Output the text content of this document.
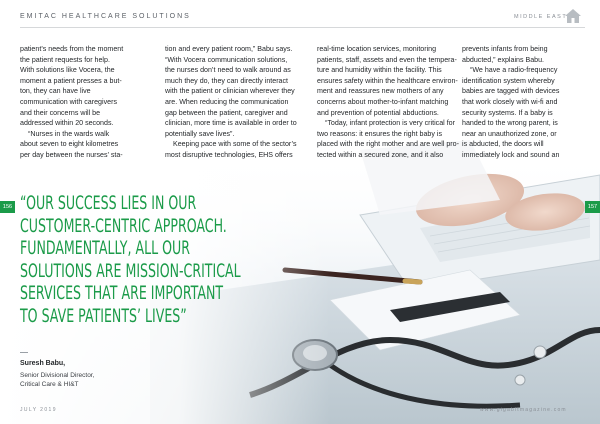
EMITAC HEALTHCARE SOLUTIONS	MIDDLE EAST

patient’s needs from the moment

the patient requests for help.

With solutions like Vocera, the

moment a patient presses a but-

ton, they can have live

communication with caregivers

and their concerns will be

addressed within 20 seconds.

“Nurses in the wards walk

about seven to eight kilometres

per day between the nurses’ sta-

tion and every patient room,” Babu says.

“With Vocera communication solutions,

the nurses don’t need to walk around as

much they do, they can directly interact

with the patient or clinician wherever they

are. When reducing the communication

gap between the patient, caregiver and

clinician, more time is available in order to

potentially save lives”.

Keeping pace with some of the sector’s

most disruptive technologies, EHS offers

real-time location services, monitoring

patients, staff, assets and even the tempera-

ture and humidity within the facility. This

ensures safety within the healthcare environ-

ment and reassures new mothers of any

concerns about mother-to-infant matching

and prevention of potential abductions.

“Today, infant protection is very critical for

two reasons: it ensures the right baby is

placed with the right mother and are well pro-

tected within a secured zone, and it also

prevents infants from being

abducted,” explains Babu.

“We have a radio-frequency

identification system whereby

babies are tagged with devices

that work closely with wi-fi and

security systems. If a baby is

handed to the wrong parent, is

near an unauthorized zone, or

is abducted, the doors will

immediately lock and sound an

156	157
“OUR SUCCESS LIES IN OUR
CUSTOMER-CENTRIC APPROACH.
FUNDAMENTALLY, ALL OUR
SOLUTIONS ARE MISSION-CRITICAL
SERVICES THAT ARE IMPORTANT
TO SAVE PATIENTS’ LIVES”
Suresh Babu,
Senior Divisional Director,
Critical Care & HI&T
JULY 2019	www.gigabitmagazine.com
